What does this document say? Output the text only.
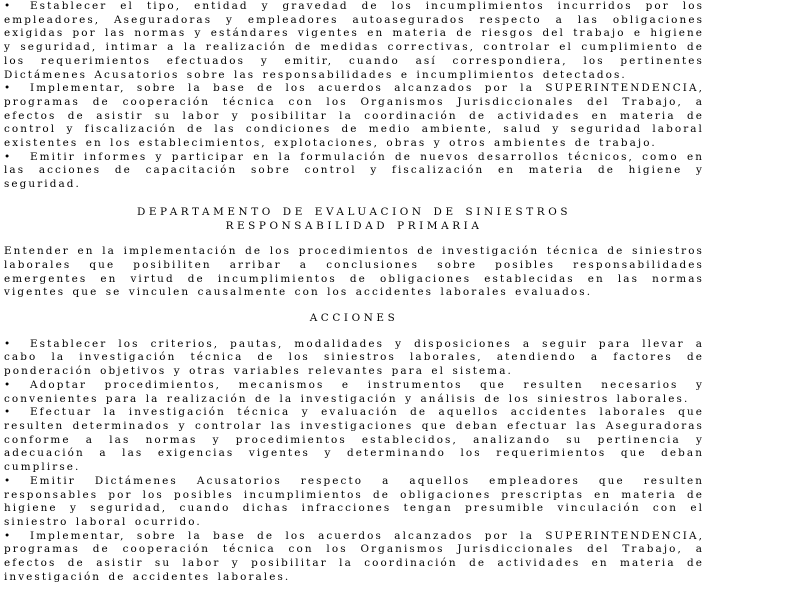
• Establecer el tipo, entidad y gravedad de los incumplimientos incurridos por los empleadores, Aseguradoras y empleadores autoasegurados respecto a las obligaciones exigidas por las normas y estándares vigentes en materia de riesgos del trabajo e higiene y seguridad, intimar a la realización de medidas correctivas, controlar el cumplimiento de los requerimientos efectuados y emitir, cuando así correspondiera, los pertinentes Dictámenes Acusatorios sobre las responsabilidades e incumplimientos detectados.

• Implementar, sobre la base de los acuerdos alcanzados por la SUPERINTENDENCIA, programas de cooperación técnica con los Organismos Jurisdiccionales del Trabajo, a efectos de asistir su labor y posibilitar la coordinación de actividades en materia de control y fiscalización de las condiciones de medio ambiente, salud y seguridad laboral existentes en los establecimientos, explotaciones, obras y otros ambientes de trabajo.

• Emitir informes y participar en la formulación de nuevos desarrollos técnicos, como en las acciones de capacitación sobre control y fiscalización en materia de higiene y seguridad.

DEPARTAMENTO DE EVALUACION DE SINIESTROS

RESPONSABILIDAD PRIMARIA

Entender en la implementación de los procedimientos de investigación técnica de siniestros laborales que posibiliten arribar a conclusiones sobre posibles responsabilidades emergentes en virtud de incumplimientos de obligaciones establecidas en las normas vigentes que se vinculen causalmente con los accidentes laborales evaluados.

ACCIONES

• Establecer los criterios, pautas, modalidades y disposiciones a seguir para llevar a cabo la investigación técnica de los siniestros laborales, atendiendo a factores de ponderación objetivos y otras variables relevantes para el sistema.

• Adoptar procedimientos, mecanismos e instrumentos que resulten necesarios y convenientes para la realización de la investigación y análisis de los siniestros laborales.

• Efectuar la investigación técnica y evaluación de aquellos accidentes laborales que resulten determinados y controlar las investigaciones que deban efectuar las Aseguradoras conforme a las normas y procedimientos establecidos, analizando su pertinencia y adecuación a las exigencias vigentes y determinando los requerimientos que deban cumplirse.

• Emitir Dictámenes Acusatorios respecto a aquellos empleadores que resulten responsables por los posibles incumplimientos de obligaciones prescriptas en materia de higiene y seguridad, cuando dichas infracciones tengan presumible vinculación con el siniestro laboral ocurrido.

• Implementar, sobre la base de los acuerdos alcanzados por la SUPERINTENDENCIA, programas de cooperación técnica con los Organismos Jurisdiccionales del Trabajo, a efectos de asistir su labor y posibilitar la coordinación de actividades en materia de investigación de accidentes laborales.
